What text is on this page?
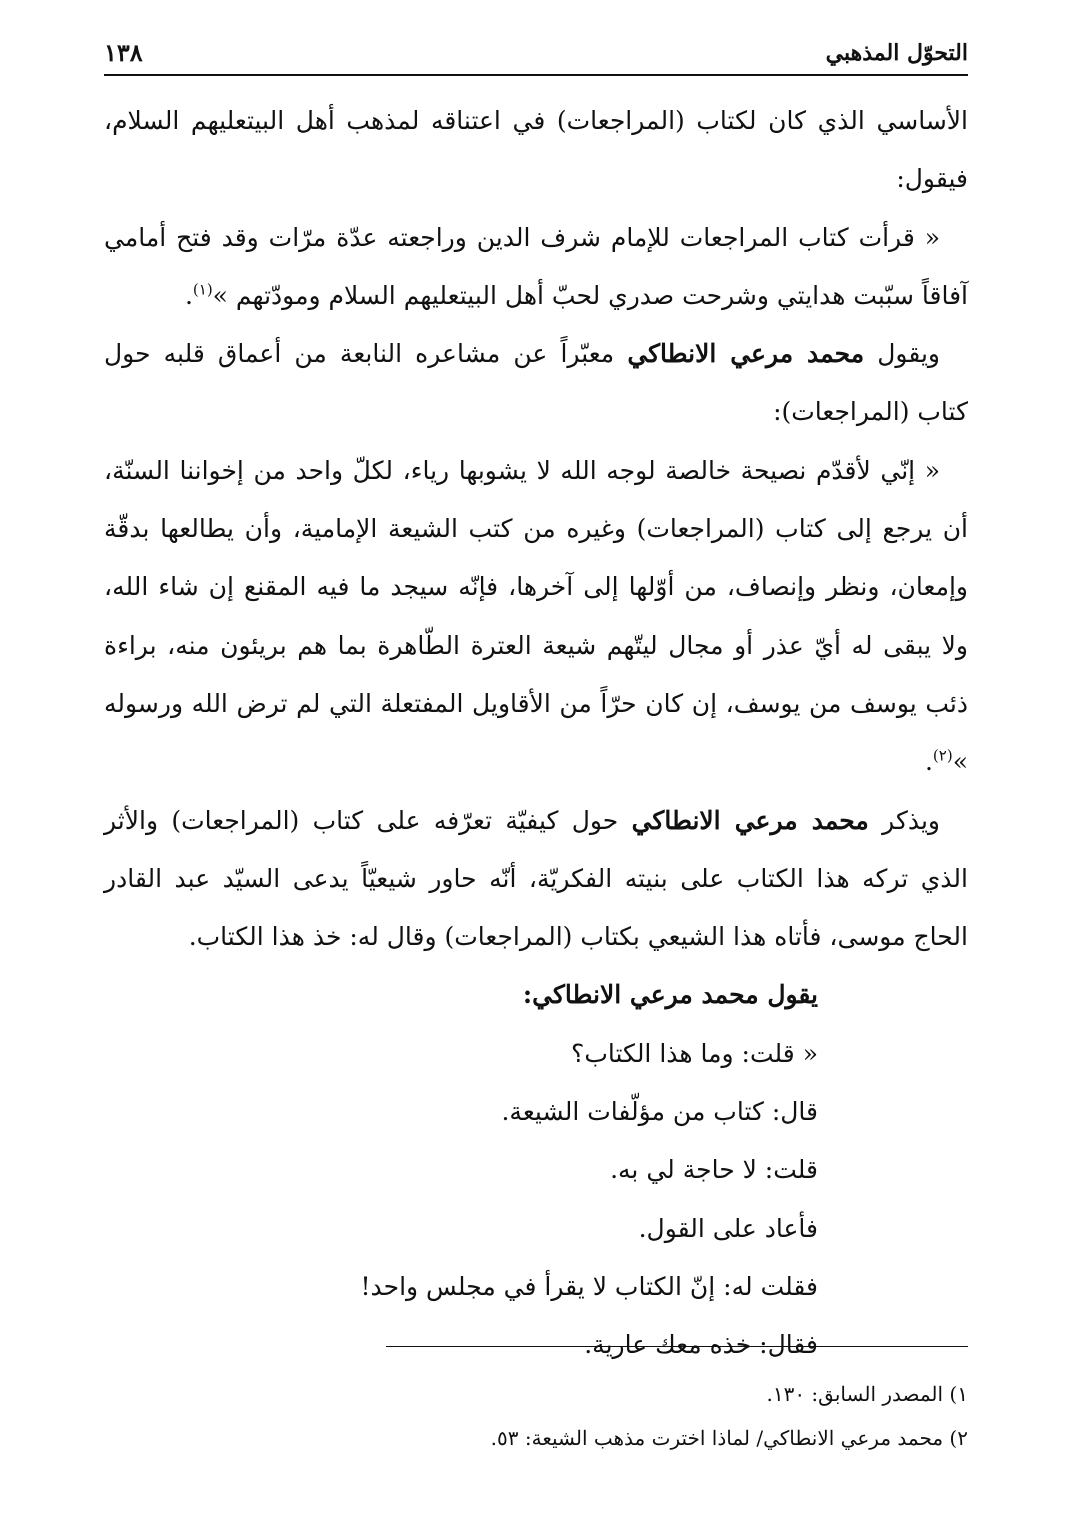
التحوّل المذهبي
١٣٨

الأساسي الذي كان لكتاب (المراجعات) في اعتناقه لمذهب أهل البيتعليهم السلام، فيقول:

« قرأت كتاب المراجعات للإمام شرف الدين وراجعته عدّة مرّات وقد فتح أمامي آفاقاً سبّبت هدايتي وشرحت صدري لحبّ أهل البيتعليهم السلام ومودّتهم »$^{(١)}$.

ويقول محمد مرعي الانطاكي معبّراً عن مشاعره النابعة من أعماق قلبه حول كتاب (المراجعات):

« إنّي لأقدّم نصيحة خالصة لوجه الله لا يشوبها رياء، لكلّ واحد من إخواننا السنّة، أن يرجع إلى كتاب (المراجعات) وغيره من كتب الشيعة الإمامية، وأن يطالعها بدقّة وإمعان، ونظر وإنصاف، من أوّلها إلى آخرها، فإنّه سيجد ما فيه المقنع إن شاء الله، ولا يبقى له أيّ عذر أو مجال ليتّهم شيعة العترة الطّاهرة بما هم بريئون منه، براءة ذئب يوسف من يوسف، إن كان حرّاً من الأقاويل المفتعلة التي لم ترض الله ورسوله »$^{(٢)}$.

ويذكر محمد مرعي الانطاكي حول كيفيّة تعرّفه على كتاب (المراجعات) والأثر الذي تركه هذا الكتاب على بنيته الفكريّة، أنّه حاور شيعيّاً يدعى السيّد عبد القادر الحاج موسى، فأتاه هذا الشيعي بكتاب (المراجعات) وقال له: خذ هذا الكتاب.

يقول محمد مرعي الانطاكي:

« قلت: وما هذا الكتاب؟

قال: كتاب من مؤلّفات الشيعة.

قلت: لا حاجة لي به.

فأعاد على القول.

فقلت له: إنّ الكتاب لا يقرأ في مجلس واحد!

فقال: خذه معك عارية.

١) المصدر السابق: ١٣٠.

٢) محمد مرعي الانطاكي/ لماذا اخترت مذهب الشيعة: ٥٣.
